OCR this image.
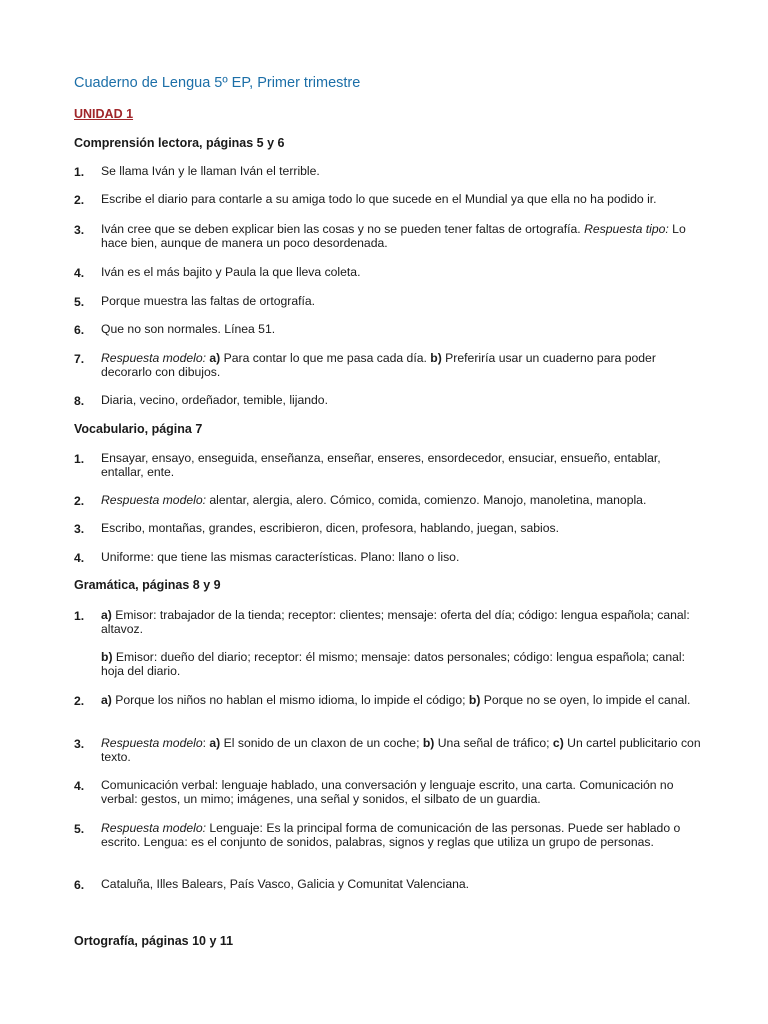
Cuaderno de Lengua 5º EP, Primer trimestre
UNIDAD 1
Comprensión lectora, páginas 5 y 6
1. Se llama Iván y le llaman Iván el terrible.
2. Escribe el diario para contarle a su amiga todo lo que sucede en el Mundial ya que ella no ha podido ir.
3. Iván cree que se deben explicar bien las cosas y no se pueden tener faltas de ortografía. Respuesta tipo: Lo hace bien, aunque de manera un poco desordenada.
4. Iván es el más bajito y Paula la que lleva coleta.
5. Porque muestra las faltas de ortografía.
6. Que no son normales. Línea 51.
7. Respuesta modelo: a) Para contar lo que me pasa cada día. b) Preferiría usar un cuaderno para poder decorarlo con dibujos.
8. Diaria, vecino, ordeñador, temible, lijando.
Vocabulario, página 7
1. Ensayar, ensayo, enseguida, enseñanza, enseñar, enseres, ensordecedor, ensuciar, ensueño, entablar, entallar, ente.
2. Respuesta modelo: alentar, alergia, alero. Cómico, comida, comienzo. Manojo, manoletina, manopla.
3. Escribo, montañas, grandes, escribieron, dicen, profesora, hablando, juegan, sabios.
4. Uniforme: que tiene las mismas características. Plano: llano o liso.
Gramática, páginas 8 y 9
1. a) Emisor: trabajador de la tienda; receptor: clientes; mensaje: oferta del día; código: lengua española; canal: altavoz.
b) Emisor: dueño del diario; receptor: él mismo; mensaje: datos personales; código: lengua española; canal: hoja del diario.
2. a) Porque los niños no hablan el mismo idioma, lo impide el código; b) Porque no se oyen, lo impide el canal.
3. Respuesta modelo: a) El sonido de un claxon de un coche; b) Una señal de tráfico; c) Un cartel publicitario con texto.
4. Comunicación verbal: lenguaje hablado, una conversación y lenguaje escrito, una carta. Comunicación no verbal: gestos, un mimo; imágenes, una señal y sonidos, el silbato de un guardia.
5. Respuesta modelo: Lenguaje: Es la principal forma de comunicación de las personas. Puede ser hablado o escrito. Lengua: es el conjunto de sonidos, palabras, signos y reglas que utiliza un grupo de personas.
6. Cataluña, Illes Balears, País Vasco, Galicia y Comunitat Valenciana.
Ortografía, páginas 10 y 11
